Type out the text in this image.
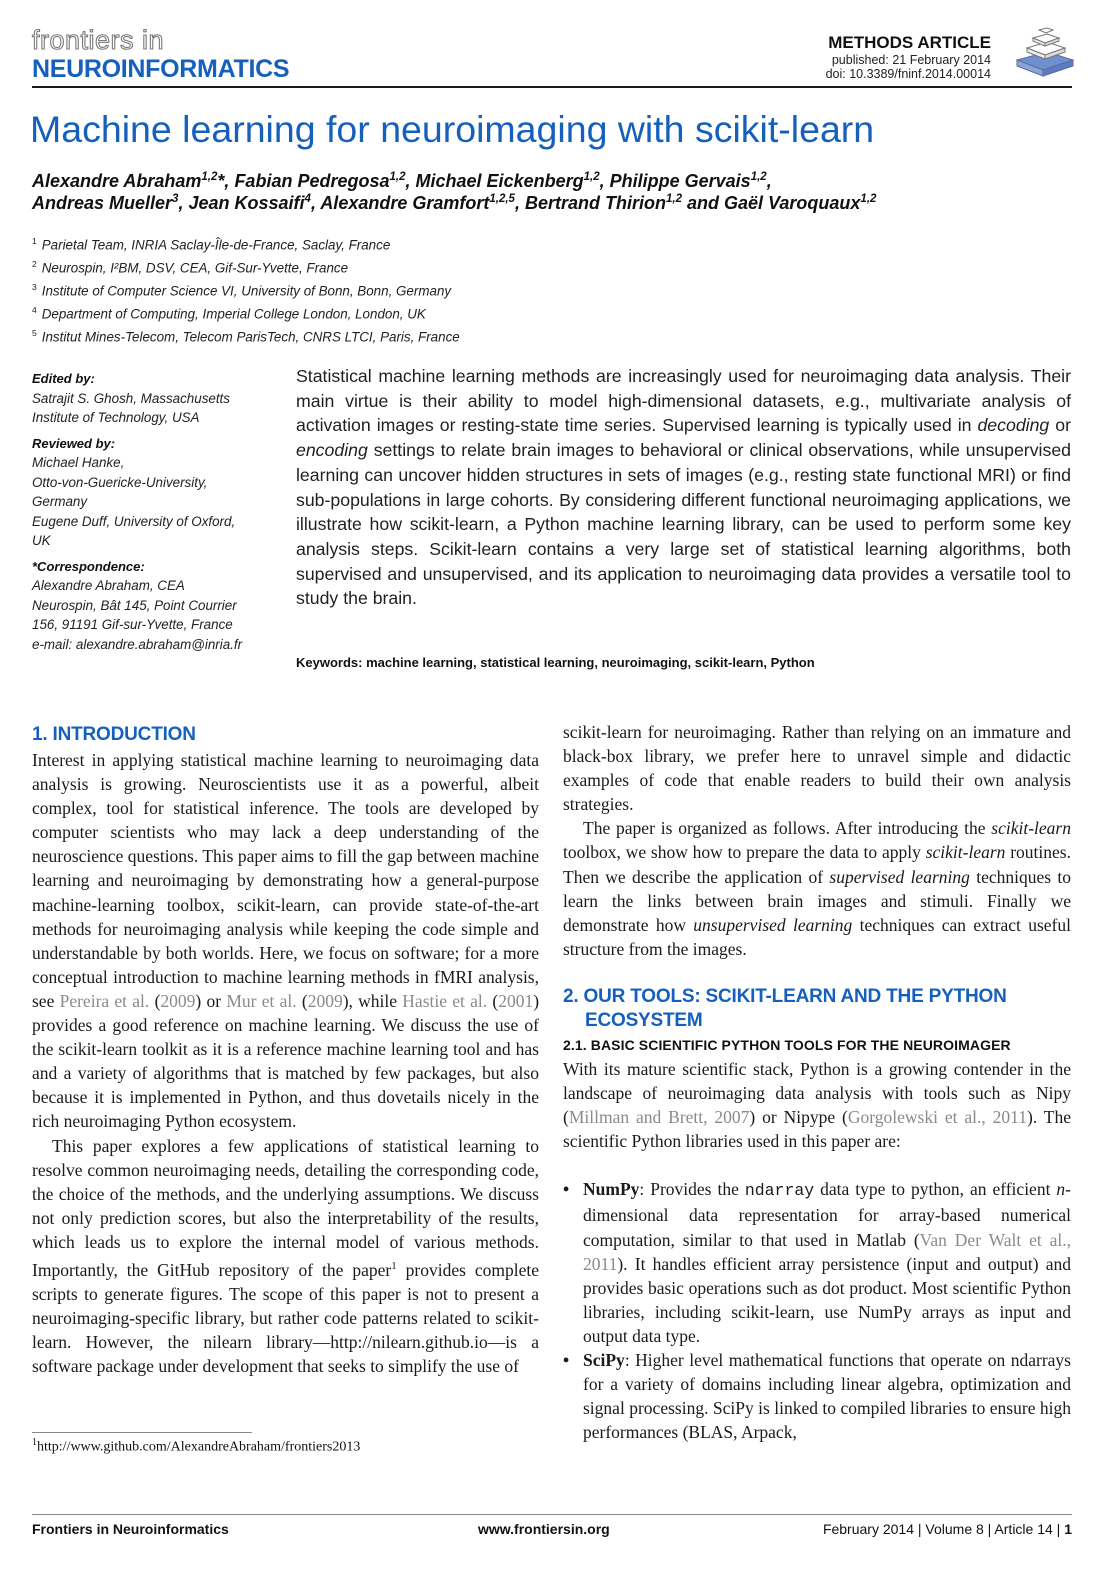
frontiers in
NEUROINFORMATICS
METHODS ARTICLE
published: 21 February 2014
doi: 10.3389/fninf.2014.00014
Machine learning for neuroimaging with scikit-learn
Alexandre Abraham$^{1,2}$*, Fabian Pedregosa$^{1,2}$, Michael Eickenberg$^{1,2}$, Philippe Gervais$^{1,2}$,
Andreas Mueller$^3$, Jean Kossaifi$^4$, Alexandre Gramfort$^{1,2,5}$, Bertrand Thirion$^{1,2}$ and Gaël Varoquaux$^{1,2}$
$^1$ Parietal Team, INRIA Saclay-Île-de-France, Saclay, France
$^2$ Neurospin, I²BM, DSV, CEA, Gif-Sur-Yvette, France
$^3$ Institute of Computer Science VI, University of Bonn, Bonn, Germany
$^4$ Department of Computing, Imperial College London, London, UK
$^5$ Institut Mines-Telecom, Telecom ParisTech, CNRS LTCI, Paris, France
Edited by:
Satrajit S. Ghosh, Massachusetts
Institute of Technology, USA
Reviewed by:
Michael Hanke,
Otto-von-Guericke-University,
Germany
Eugene Duff, University of Oxford,
UK
*Correspondence:
Alexandre Abraham, CEA
Neurospin, Bât 145, Point Courrier
156, 91191 Gif-sur-Yvette, France
e-mail: alexandre.abraham@inria.fr
Statistical machine learning methods are increasingly used for neuroimaging data analysis. Their main virtue is their ability to model high-dimensional datasets, e.g., multivariate analysis of activation images or resting-state time series. Supervised learning is typically used in decoding or encoding settings to relate brain images to behavioral or clinical observations, while unsupervised learning can uncover hidden structures in sets of images (e.g., resting state functional MRI) or find sub-populations in large cohorts. By considering different functional neuroimaging applications, we illustrate how scikit-learn, a Python machine learning library, can be used to perform some key analysis steps. Scikit-learn contains a very large set of statistical learning algorithms, both supervised and unsupervised, and its application to neuroimaging data provides a versatile tool to study the brain.
Keywords: machine learning, statistical learning, neuroimaging, scikit-learn, Python
1. INTRODUCTION

Interest in applying statistical machine learning to neuroimaging data analysis is growing. Neuroscientists use it as a powerful, albeit complex, tool for statistical inference. The tools are developed by computer scientists who may lack a deep understanding of the neuroscience questions. This paper aims to fill the gap between machine learning and neuroimaging by demonstrating how a general-purpose machine-learning toolbox, scikit-learn, can provide state-of-the-art methods for neuroimaging analysis while keeping the code simple and understandable by both worlds. Here, we focus on software; for a more conceptual introduction to machine learning methods in fMRI analysis, see Pereira et al. (2009) or Mur et al. (2009), while Hastie et al. (2001) provides a good reference on machine learning. We discuss the use of the scikit-learn toolkit as it is a reference machine learning tool and has and a variety of algorithms that is matched by few packages, but also because it is implemented in Python, and thus dovetails nicely in the rich neuroimaging Python ecosystem.

This paper explores a few applications of statistical learning to resolve common neuroimaging needs, detailing the corresponding code, the choice of the methods, and the underlying assumptions. We discuss not only prediction scores, but also the interpretability of the results, which leads us to explore the internal model of various methods. Importantly, the GitHub repository of the paper$^1$ provides complete scripts to generate figures. The scope of this paper is not to present a neuroimaging-specific library, but rather code patterns related to scikit-learn. However, the nilearn library—http://nilearn.github.io—is a software package under development that seeks to simplify the use of

$^1$http://www.github.com/AlexandreAbraham/frontiers2013

scikit-learn for neuroimaging. Rather than relying on an immature and black-box library, we prefer here to unravel simple and didactic examples of code that enable readers to build their own analysis strategies.

The paper is organized as follows. After introducing the scikit-learn toolbox, we show how to prepare the data to apply scikit-learn routines. Then we describe the application of supervised learning techniques to learn the links between brain images and stimuli. Finally we demonstrate how unsupervised learning techniques can extract useful structure from the images.

2. OUR TOOLS: SCIKIT-LEARN AND THE PYTHON
ECOSYSTEM
2.1. BASIC SCIENTIFIC PYTHON TOOLS FOR THE NEUROIMAGER

With its mature scientific stack, Python is a growing contender in the landscape of neuroimaging data analysis with tools such as Nipy (Millman and Brett, 2007) or Nipype (Gorgolewski et al., 2011). The scientific Python libraries used in this paper are:

• NumPy: Provides the ndarray data type to python, an efficient n-dimensional data representation for array-based numerical computation, similar to that used in Matlab (Van Der Walt et al., 2011). It handles efficient array persistence (input and output) and provides basic operations such as dot product. Most scientific Python libraries, including scikit-learn, use NumPy arrays as input and output data type.
• SciPy: Higher level mathematical functions that operate on ndarrays for a variety of domains including linear algebra, optimization and signal processing. SciPy is linked to compiled libraries to ensure high performances (BLAS, Arpack,
Frontiers in Neuroinformatics	www.frontiersin.org	February 2014 | Volume 8 | Article 14 | 1
